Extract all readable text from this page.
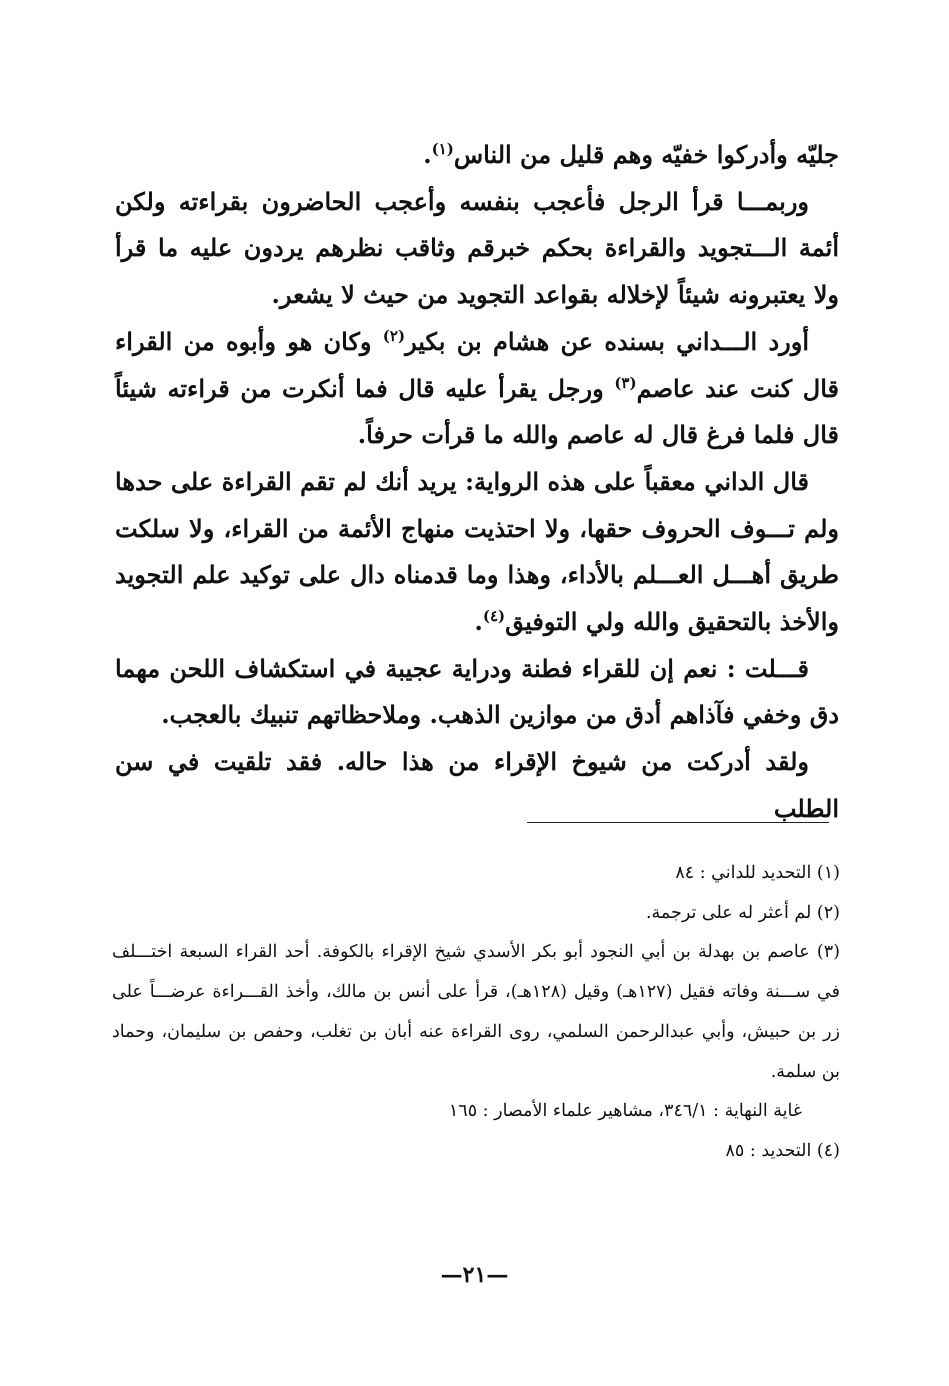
جليّه وأدركوا خفيّه وهم قليل من الناس$^{(١)}$.

وربمـــا قرأ الرجل فأعجب بنفسه وأعجب الحاضرون بقراءته ولكن أئمة الـــتجويد والقراءة بحكم خبرقم وثاقب نظرهم يردون عليه ما قرأ ولا يعتبرونه شيئاً لإخلاله بقواعد التجويد من حيث لا يشعر.

أورد الـــداني بسنده عن هشام بن بكير$^{(٢)}$ وكان هو وأبوه من القراء قال كنت عند عاصم$^{(٣)}$ ورجل يقرأ عليه قال فما أنكرت من قراءته شيئاً قال فلما فرغ قال له عاصم والله ما قرأت حرفاً.

قال الداني معقباً على هذه الرواية: يريد أنك لم تقم القراءة على حدها ولم تـــوف الحروف حقها، ولا احتذيت منهاج الأئمة من القراء، ولا سلكت طريق أهـــل العـــلم بالأداء، وهذا وما قدمناه دال على توكيد علم التجويد والأخذ بالتحقيق والله ولي التوفيق$^{(٤)}$.

قـــلت : نعم إن للقراء فطنة ودراية عجيبة في استكشاف اللحن مهما دق وخفي فآذاهم أدق من موازين الذهب. وملاحظاتهم تنبيك بالعجب.

ولقد أدركت من شيوخ الإقراء من هذا حاله. فقد تلقيت في سن الطلب

(١) التحديد للداني : ٨٤

(٢) لم أعثر له على ترجمة.

(٣) عاصم بن بهدلة بن أبي النجود أبو بكر الأسدي شيخ الإقراء بالكوفة. أحد القراء السبعة اختـــلف في ســـنة وفاته فقيل (١٢٧هـ) وقيل (١٢٨هـ)، قرأ على أنس بن مالك، وأخذ القـــراءة عرضـــاً على زر بن حبيش، وأبي عبدالرحمن السلمي، روى القراءة عنه أبان بن تغلب، وحفص بن سليمان، وحماد بن سلمة.

غاية النهاية : ٣٤٦/١، مشاهير علماء الأمصار : ١٦٥

(٤) التحديد : ٨٥

—٢١—
